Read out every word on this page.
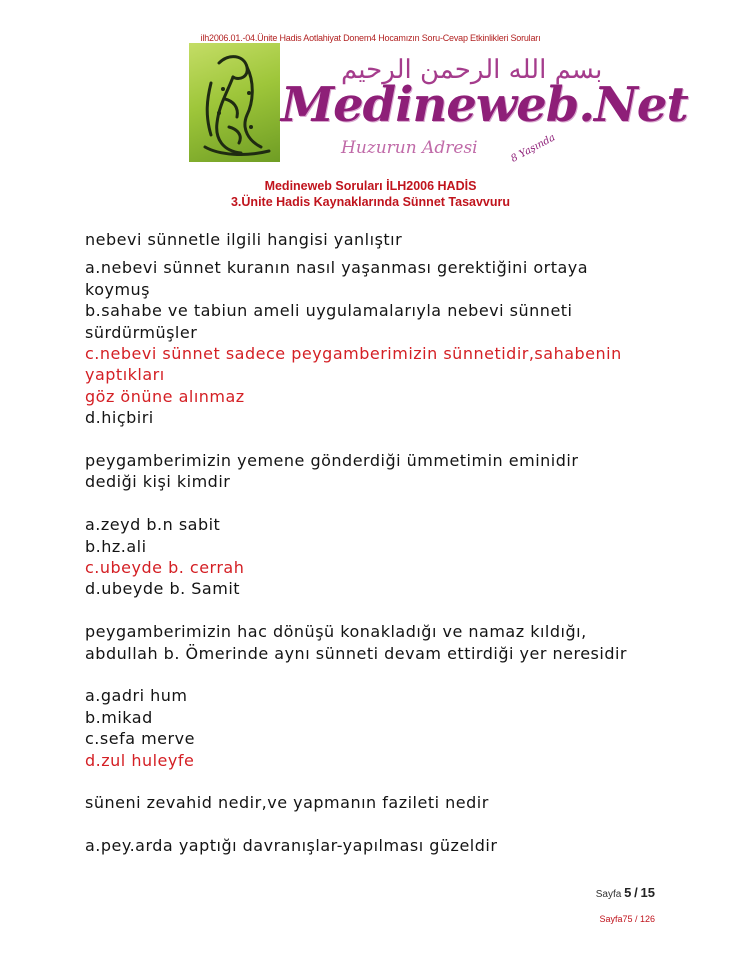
ilh2006.01.-04.Ünite Hadis Aotlahiyat Donem4 Hocamızın Soru-Cevap Etkinlikleri Soruları
بسم الله الرحمن الرحيم
Medineweb.Net
Huzurun Adresi	8 Yaşında
Medineweb Soruları İLH2006 HADİS
3.Ünite Hadis Kaynaklarında Sünnet Tasavvuru
nebevi sünnetle ilgili hangisi yanlıştır
a.nebevi sünnet kuranın nasıl yaşanması gerektiğini ortaya
koymuş
b.sahabe ve tabiun ameli uygulamalarıyla nebevi sünneti
sürdürmüşler
c.nebevi sünnet sadece peygamberimizin sünnetidir,sahabenin
yaptıkları
göz önüne alınmaz
d.hiçbiri
peygamberimizin yemene gönderdiği ümmetimin eminidir
dediği kişi kimdir
a.zeyd b.n sabit
b.hz.ali
c.ubeyde b. cerrah
d.ubeyde b. Samit
peygamberimizin hac dönüşü konakladığı ve namaz kıldığı,
abdullah b. Ömerinde aynı sünneti devam ettirdiği yer neresidir
a.gadri hum
b.mikad
c.sefa merve
d.zul huleyfe
süneni zevahid nedir,ve yapmanın fazileti nedir
a.pey.arda yaptığı davranışlar-yapılması güzeldir
Sayfa 5 / 15
Sayfa75 / 126
